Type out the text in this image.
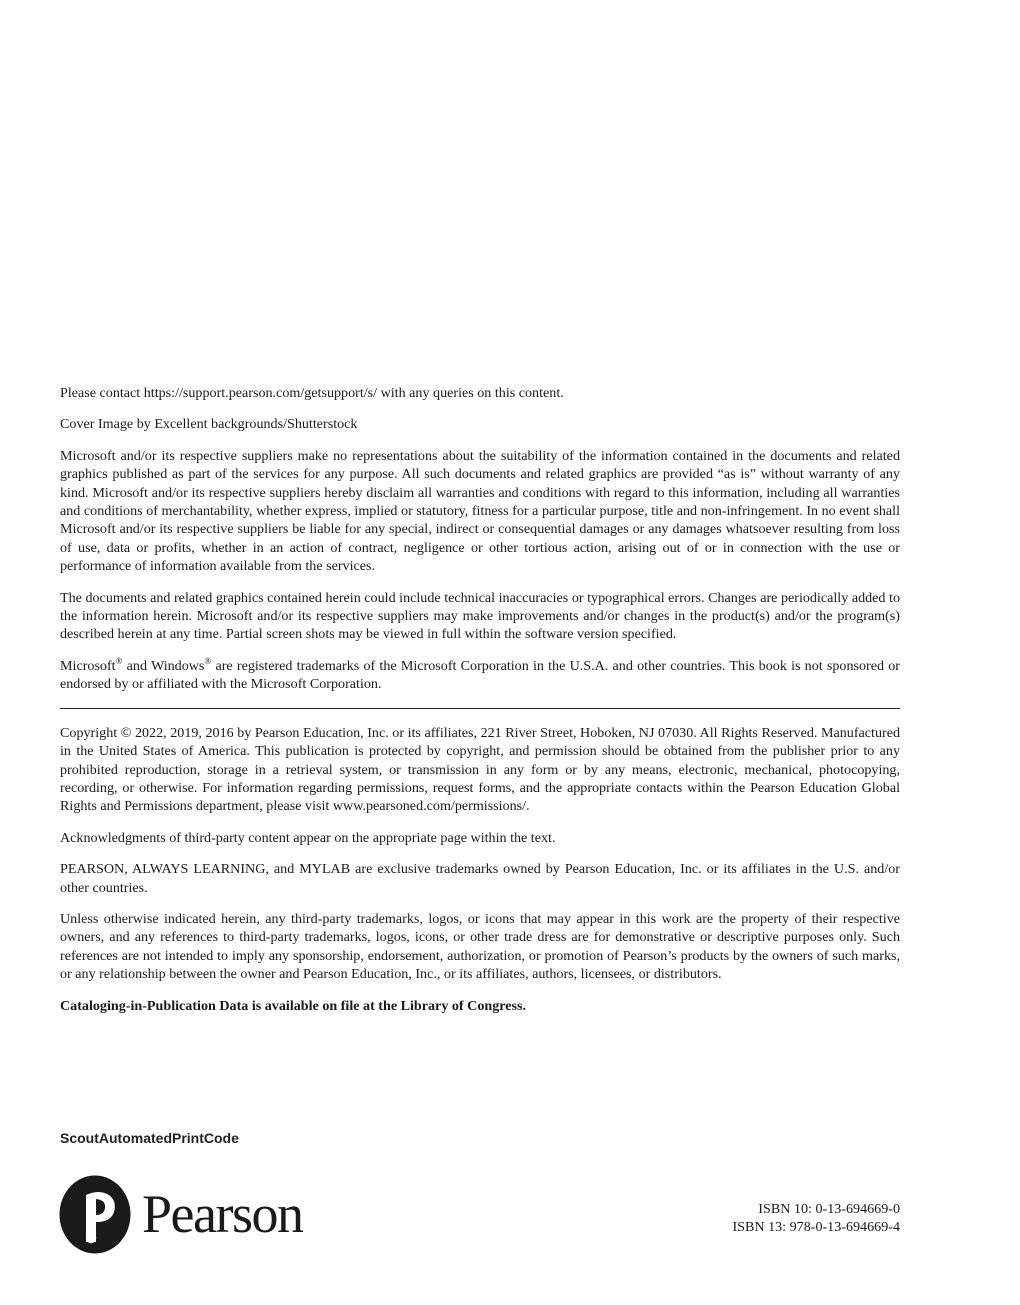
Please contact https://support.pearson.com/getsupport/s/ with any queries on this content.

Cover Image by Excellent backgrounds/Shutterstock

Microsoft and/or its respective suppliers make no representations about the suitability of the information contained in the documents and related graphics published as part of the services for any purpose. All such documents and related graphics are provided “as is” without warranty of any kind. Microsoft and/or its respective suppliers hereby disclaim all warranties and conditions with regard to this information, including all warranties and conditions of merchantability, whether express, implied or statutory, fitness for a particular purpose, title and non-infringement. In no event shall Microsoft and/or its respective suppliers be liable for any special, indirect or consequential damages or any damages whatsoever resulting from loss of use, data or profits, whether in an action of contract, negligence or other tortious action, arising out of or in connection with the use or performance of information available from the services.

The documents and related graphics contained herein could include technical inaccuracies or typographical errors. Changes are periodically added to the information herein. Microsoft and/or its respective suppliers may make improvements and/or changes in the product(s) and/or the program(s) described herein at any time. Partial screen shots may be viewed in full within the software version specified.

Microsoft® and Windows® are registered trademarks of the Microsoft Corporation in the U.S.A. and other countries. This book is not sponsored or endorsed by or affiliated with the Microsoft Corporation.

Copyright © 2022, 2019, 2016 by Pearson Education, Inc. or its affiliates, 221 River Street, Hoboken, NJ 07030. All Rights Reserved. Manufactured in the United States of America. This publication is protected by copyright, and permission should be obtained from the publisher prior to any prohibited reproduction, storage in a retrieval system, or transmission in any form or by any means, electronic, mechanical, photocopying, recording, or otherwise. For information regarding permissions, request forms, and the appropriate contacts within the Pearson Education Global Rights and Permissions department, please visit www.pearsoned.com/permissions/.

Acknowledgments of third-party content appear on the appropriate page within the text.

PEARSON, ALWAYS LEARNING, and MYLAB are exclusive trademarks owned by Pearson Education, Inc. or its affiliates in the U.S. and/or other countries.

Unless otherwise indicated herein, any third-party trademarks, logos, or icons that may appear in this work are the property of their respective owners, and any references to third-party trademarks, logos, icons, or other trade dress are for demonstrative or descriptive purposes only. Such references are not intended to imply any sponsorship, endorsement, authorization, or promotion of Pearson’s products by the owners of such marks, or any relationship between the owner and Pearson Education, Inc., or its affiliates, authors, licensees, or distributors.

Cataloging-in-Publication Data is available on file at the Library of Congress.

ScoutAutomatedPrintCode
Pearson	ISBN 10: 0-13-694669-0
ISBN 13: 978-0-13-694669-4
